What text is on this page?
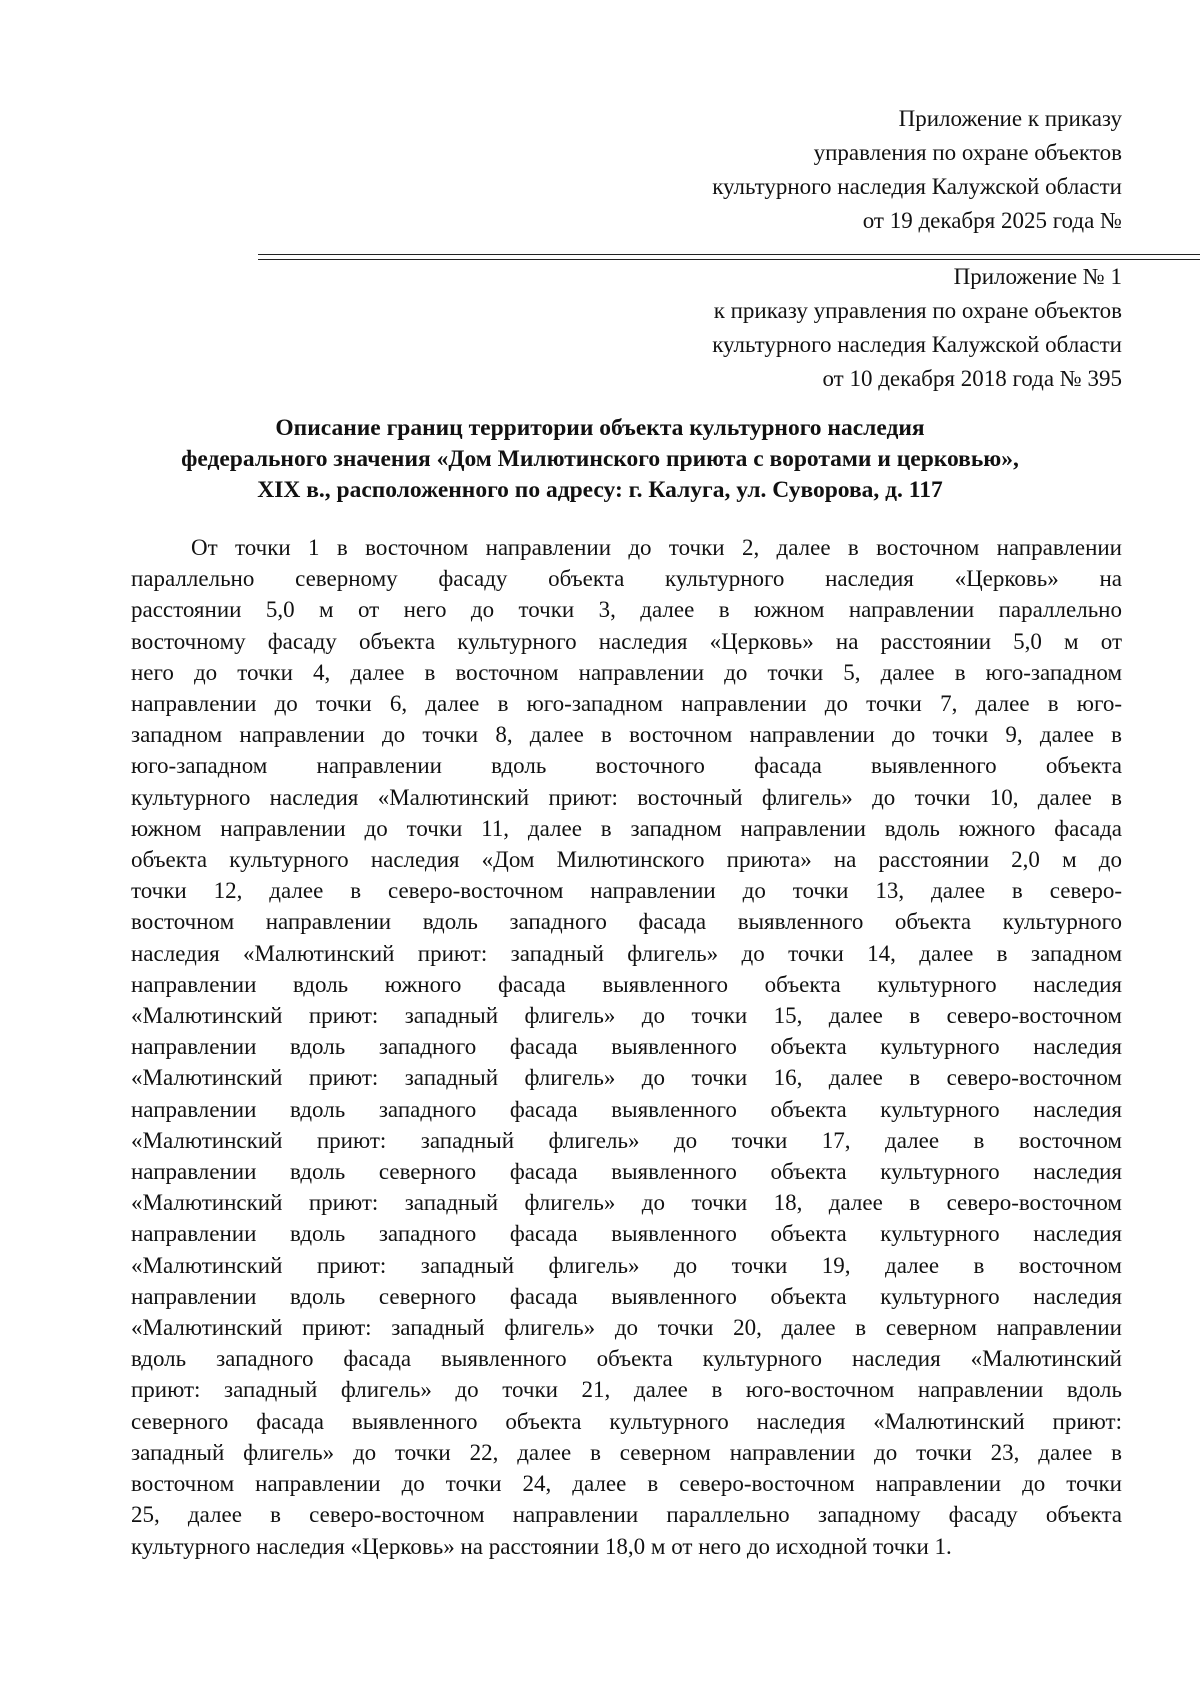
Приложение к приказу
управления по охране объектов
культурного наследия Калужской области
от 19 декабря 2025 года №
Приложение № 1
к приказу управления по охране объектов
культурного наследия Калужской области
от 10 декабря 2018 года № 395
Описание границ территории объекта культурного наследия
федерального значения «Дом Милютинского приюта с воротами и церковью»,
XIX в., расположенного по адресу: г. Калуга, ул. Суворова, д. 117
От точки 1 в восточном направлении до точки 2, далее в восточном направлении
параллельно северному фасаду объекта культурного наследия «Церковь» на
расстоянии 5,0 м от него до точки 3, далее в южном направлении параллельно
восточному фасаду объекта культурного наследия «Церковь» на расстоянии 5,0 м от
него до точки 4, далее в восточном направлении до точки 5, далее в юго-западном
направлении до точки 6, далее в юго-западном направлении до точки 7, далее в юго-
западном направлении до точки 8, далее в восточном направлении до точки 9, далее в
юго-западном направлении вдоль восточного фасада выявленного объекта
культурного наследия «Малютинский приют: восточный флигель» до точки 10, далее в
южном направлении до точки 11, далее в западном направлении вдоль южного фасада
объекта культурного наследия «Дом Милютинского приюта» на расстоянии 2,0 м до
точки 12, далее в северо-восточном направлении до точки 13, далее в северо-
восточном направлении вдоль западного фасада выявленного объекта культурного
наследия «Малютинский приют: западный флигель» до точки 14, далее в западном
направлении вдоль южного фасада выявленного объекта культурного наследия
«Малютинский приют: западный флигель» до точки 15, далее в северо-восточном
направлении вдоль западного фасада выявленного объекта культурного наследия
«Малютинский приют: западный флигель» до точки 16, далее в северо-восточном
направлении вдоль западного фасада выявленного объекта культурного наследия
«Малютинский приют: западный флигель» до точки 17, далее в восточном
направлении вдоль северного фасада выявленного объекта культурного наследия
«Малютинский приют: западный флигель» до точки 18, далее в северо-восточном
направлении вдоль западного фасада выявленного объекта культурного наследия
«Малютинский приют: западный флигель» до точки 19, далее в восточном
направлении вдоль северного фасада выявленного объекта культурного наследия
«Малютинский приют: западный флигель» до точки 20, далее в северном направлении
вдоль западного фасада выявленного объекта культурного наследия «Малютинский
приют: западный флигель» до точки 21, далее в юго-восточном направлении вдоль
северного фасада выявленного объекта культурного наследия «Малютинский приют:
западный флигель» до точки 22, далее в северном направлении до точки 23, далее в
восточном направлении до точки 24, далее в северо-восточном направлении до точки
25, далее в северо-восточном направлении параллельно западному фасаду объекта
культурного наследия «Церковь» на расстоянии 18,0 м от него до исходной точки 1.
